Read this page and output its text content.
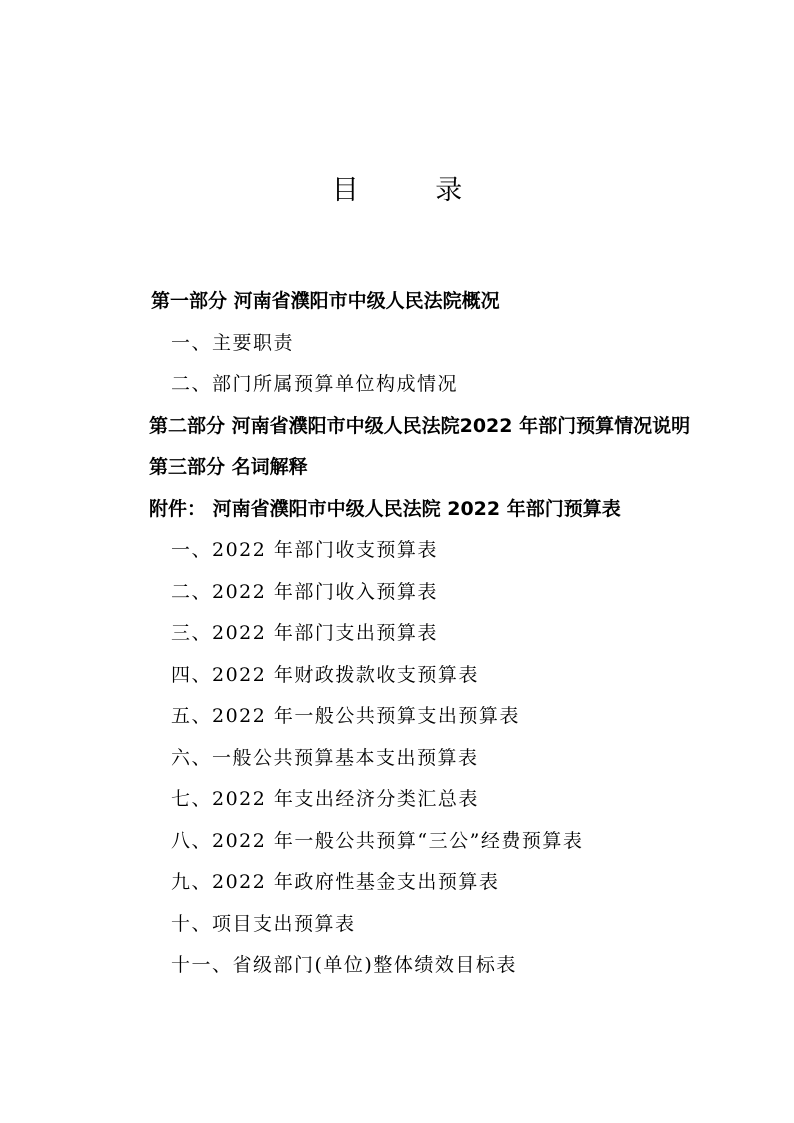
目 录
第一部分 河南省濮阳市中级人民法院概况
一、主要职责
二、部门所属预算单位构成情况
第二部分 河南省濮阳市中级人民法院2022 年部门预算情况说明
第三部分 名词解释
附件： 河南省濮阳市中级人民法院 2022 年部门预算表
一、2022 年部门收支预算表
二、2022 年部门收入预算表
三、2022 年部门支出预算表
四、2022 年财政拨款收支预算表
五、2022 年一般公共预算支出预算表
六、一般公共预算基本支出预算表
七、2022 年支出经济分类汇总表
八、2022 年一般公共预算“三公”经费预算表
九、2022 年政府性基金支出预算表
十、项目支出预算表
十一、省级部门(单位)整体绩效目标表
